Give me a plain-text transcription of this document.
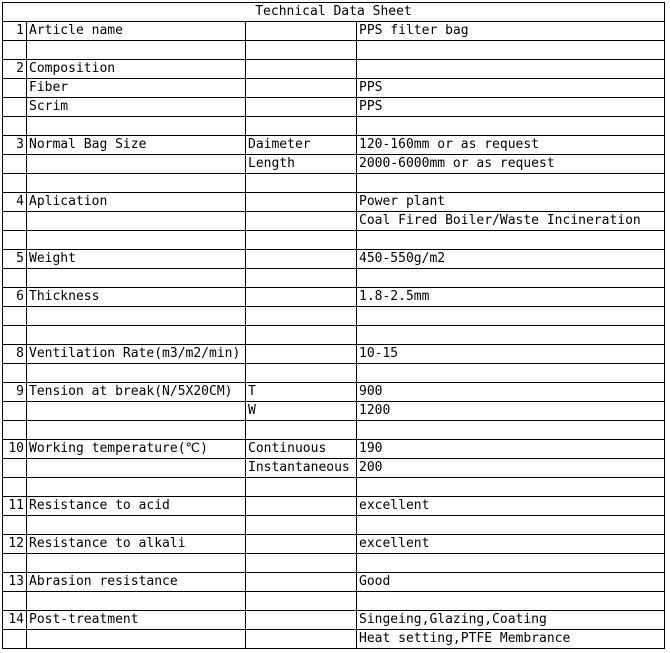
Technical Data Sheet			
1	Article name		PPS filter bag

2	Composition		
	Fiber		PPS
	Scrim		PPS

3	Normal Bag Size	Daimeter	120-160mm or as request
		Length	2000-6000mm or as request

4	Aplication		Power plant
			Coal Fired Boiler/Waste Incineration

5	Weight		450-550g/m2

6	Thickness		1.8-2.5mm

8	Ventilation Rate(m3/m2/min)		10-15

9	Tension at break(N/5X20CM)	T	900
		W	1200

10	Working temperature(℃)	Continuous	190
		Instantaneous	200

11	Resistance to acid		excellent

12	Resistance to alkali		excellent

13	Abrasion resistance		Good

14	Post-treatment		Singeing,Glazing,Coating
			Heat setting,PTFE Membrance
